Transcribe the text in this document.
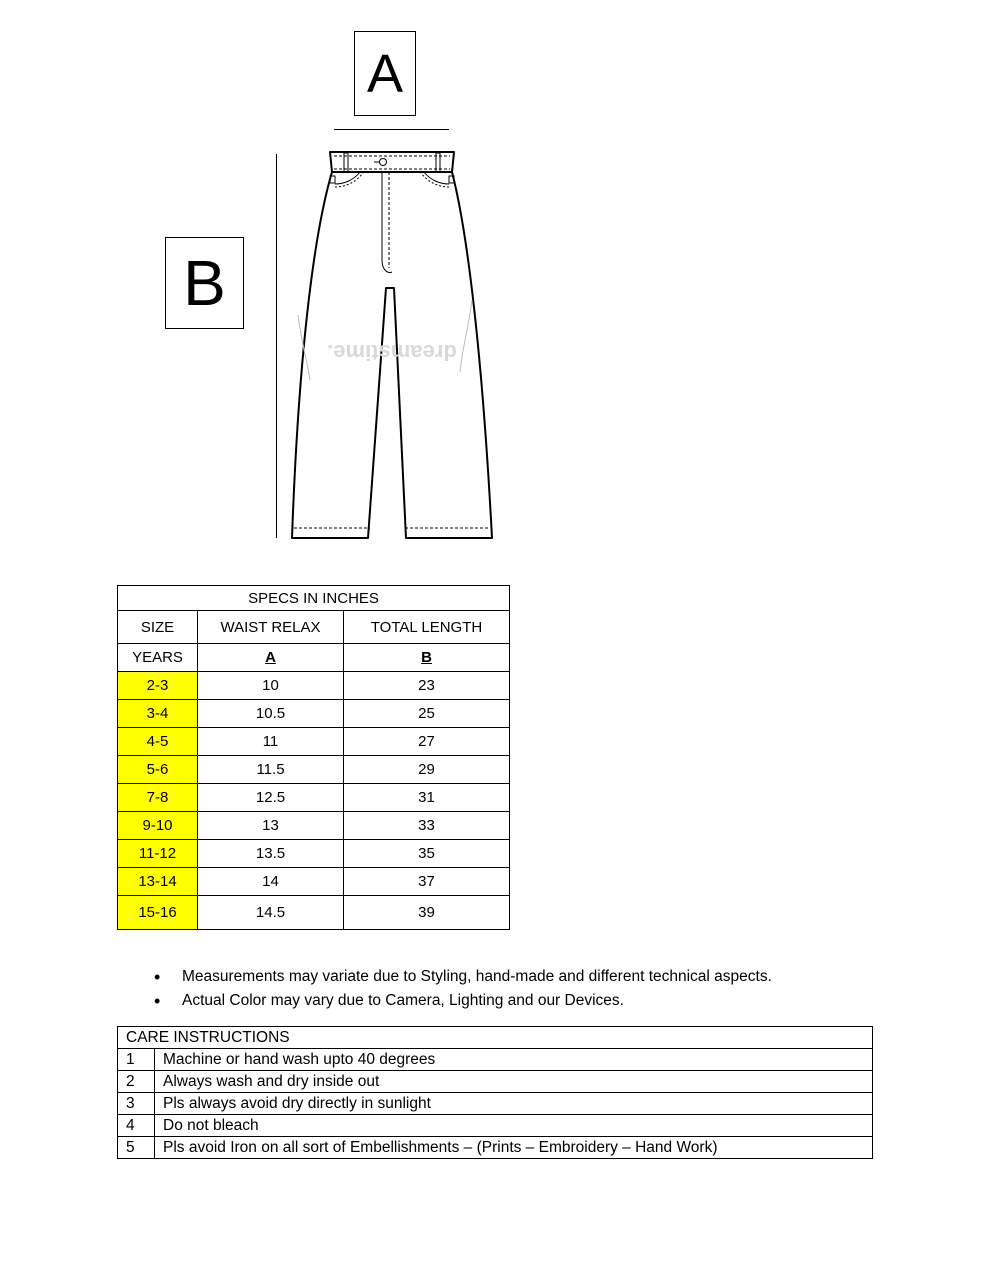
A
B
dreamstime.
SPECS IN INCHES		
SIZE	WAIST RELAX	TOTAL LENGTH
YEARS	A	B
2-3	10	23
3-4	10.5	25
4-5	11	27
5-6	11.5	29
7-8	12.5	31
9-10	13	33
11-12	13.5	35
13-14	14	37
15-16	14.5	39
• Measurements may variate due to Styling, hand-made and different technical aspects.
• Actual Color may vary due to Camera, Lighting and our Devices.
CARE INSTRUCTIONS	
1	Machine or hand wash upto 40 degrees
2	Always wash and dry inside out
3	Pls always avoid dry directly in sunlight
4	Do not bleach
5	Pls avoid Iron on all sort of Embellishments – (Prints – Embroidery – Hand Work)
